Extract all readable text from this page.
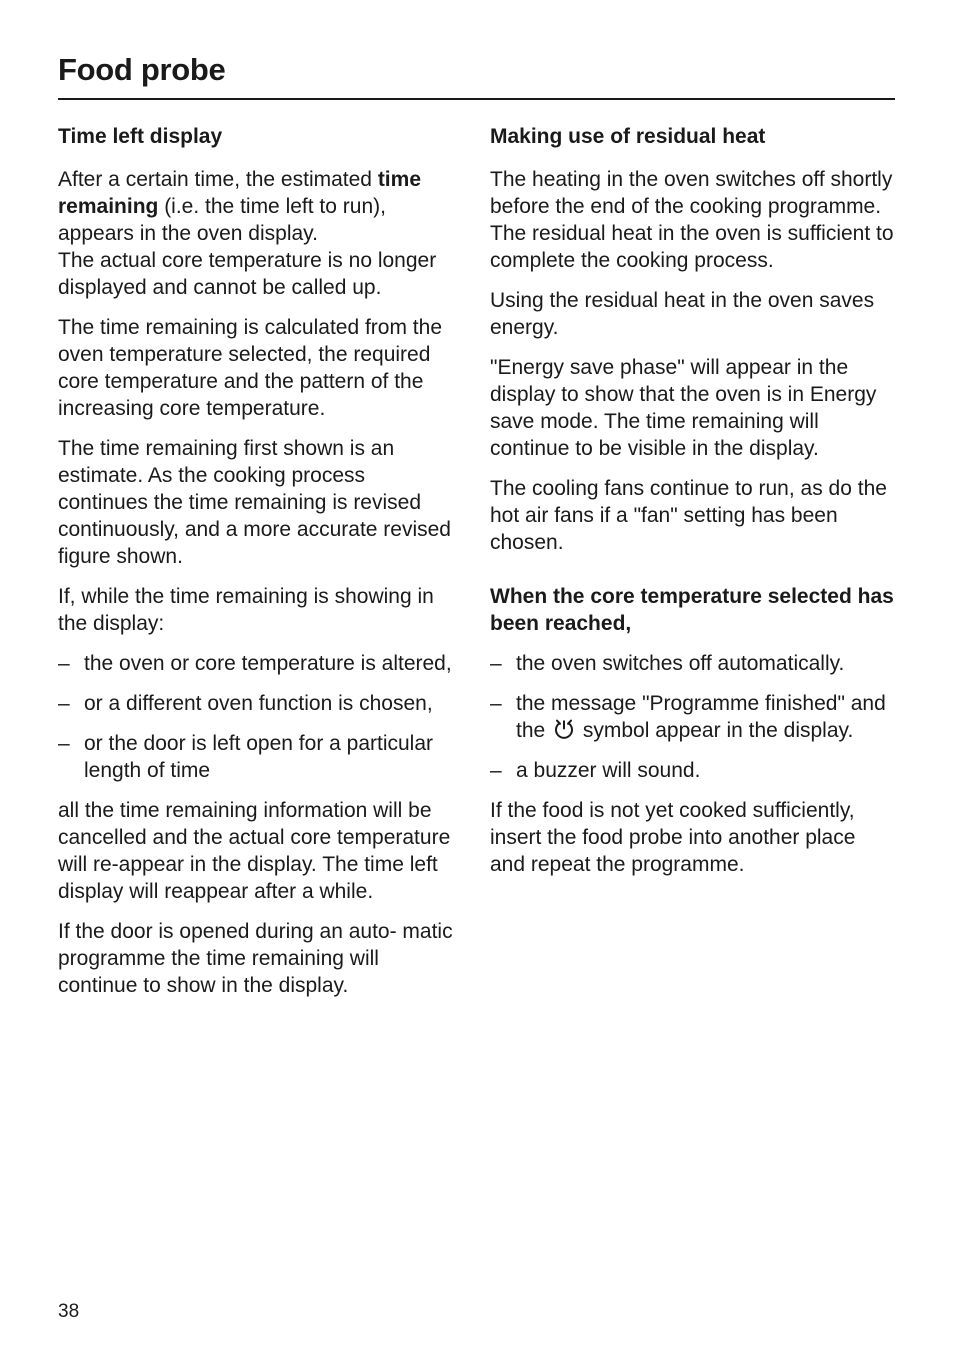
Food probe
Time left display

After a certain time, the estimated time remaining (i.e. the time left to run), appears in the oven display.
The actual core temperature is no longer displayed and cannot be called up.

The time remaining is calculated from the oven temperature selected, the required core temperature and the pattern of the increasing core temperature.

The time remaining first shown is an estimate. As the cooking process continues the time remaining is revised continuously, and a more accurate revised figure shown.

If, while the time remaining is showing in the display:

– the oven or core temperature is altered,
– or a different oven function is chosen,
– or the door is left open for a particular length of time

all the time remaining information will be cancelled and the actual core temperature will re-appear in the display. The time left display will reappear after a while.

If the door is opened during an auto- matic programme the time remaining will continue to show in the display.

Making use of residual heat

The heating in the oven switches off shortly before the end of the cooking programme. The residual heat in the oven is sufficient to complete the cooking process.

Using the residual heat in the oven saves energy.

"Energy save phase" will appear in the display to show that the oven is in Energy save mode. The time remaining will continue to be visible in the display.

The cooling fans continue to run, as do the hot air fans if a "fan" setting has been chosen.

When the core temperature selected has been reached,
– the oven switches off automatically.
– the message "Programme finished" and the  symbol appear in the display.
– a buzzer will sound.

If the food is not yet cooked sufficiently, insert the food probe into another place and repeat the programme.

38
